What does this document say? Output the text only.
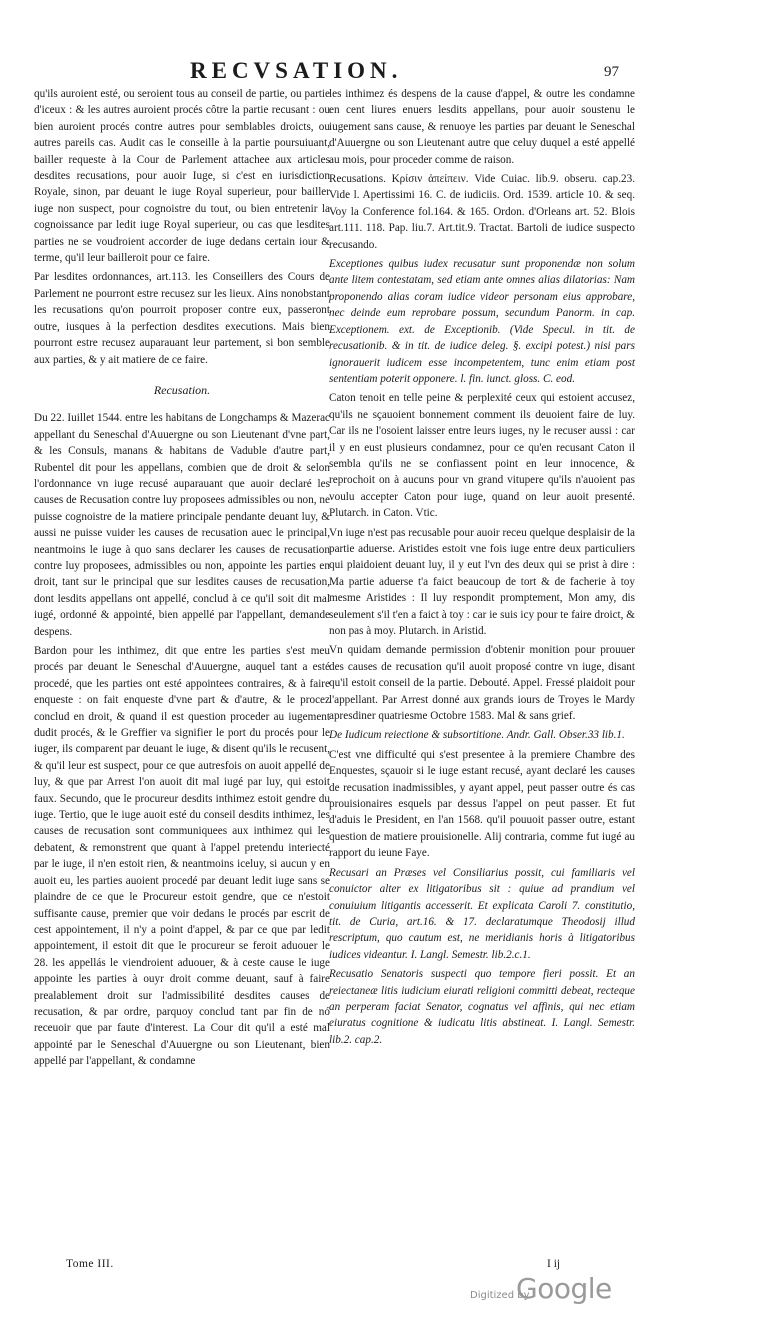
RECVSATION.	97

qu'ils auroient esté, ou seroient tous au conseil de partie, ou partie d'iceux : & les autres auroient procés côtre la partie recusant : ou bien auroient procés contre autres pour semblables droicts, ou autres pareils cas. Audit cas le conseille à la partie poursuiuant, bailler requeste à la Cour de Parlement attachee aux articles desdites recusations, pour auoir Iuge, si c'est en iurisdiction Royale, sinon, par deuant le iuge Royal superieur, pour bailler iuge non suspect, pour cognoistre du tout, ou bien entretenir la cognoissance par ledit iuge Royal superieur, ou cas que lesdites parties ne se voudroient accorder de iuge dedans certain iour & terme, qu'il leur bailleroit pour ce faire.

Par lesdites ordonnances, art.113. les Conseillers des Cours de Parlement ne pourront estre recusez sur les lieux. Ains nonobstant les recusations qu'on pourroit proposer contre eux, passeront outre, iusques à la perfection desdites executions. Mais bien pourront estre recusez auparauant leur partement, si bon semble aux parties, & y ait matiere de ce faire.

Recusation.

Du 22. Iuillet 1544. entre les habitans de Longchamps & Mazerac appellant du Seneschal d'Auuergne ou son Lieutenant d'vne part, & les Consuls, manans & habitans de Vaduble d'autre part, Rubentel dit pour les appellans, combien que de droit & selon l'ordonnance vn iuge recusé auparauant que auoir declaré les causes de Recusation contre luy proposees admissibles ou non, ne puisse cognoistre de la matiere principale pendante deuant luy, & aussi ne puisse vuider les causes de recusation auec le principal, neantmoins le iuge à quo sans declarer les causes de recusation contre luy proposees, admissibles ou non, appointe les parties en droit, tant sur le principal que sur lesdites causes de recusation, dont lesdits appellans ont appellé, conclud à ce qu'il soit dit mal iugé, ordonné & appointé, bien appellé par l'appellant, demande despens.

Bardon pour les inthimez, dit que entre les parties s'est meu procés par deuant le Seneschal d'Auuergne, auquel tant a esté procedé, que les parties ont esté appointees contraires, & à faire enqueste : on fait enqueste d'vne part & d'autre, & le procez conclud en droit, & quand il est question proceder au iugement dudit procés, & le Greffier va signifier le port du procés pour le iuger, ils comparent par deuant le iuge, & disent qu'ils le recusent, & qu'il leur est suspect, pour ce que autresfois on auoit appellé de luy, & que par Arrest l'on auoit dit mal iugé par luy, qui estoit faux. Secundo, que le procureur desdits inthimez estoit gendre du iuge. Tertio, que le iuge auoit esté du conseil desdits inthimez, les causes de recusation sont communiquees aux inthimez qui les debatent, & remonstrent que quant à l'appel pretendu interiecté par le iuge, il n'en estoit rien, & neantmoins iceluy, si aucun y en auoit eu, les parties auoient procedé par deuant ledit iuge sans se plaindre de ce que le Procureur estoit gendre, que ce n'estoit suffisante cause, premier que voir dedans le procés par escrit de cest appointement, il n'y a point d'appel, & par ce que par ledit appointement, il estoit dit que le procureur se feroit aduouer le 28. les appellás le viendroient aduouer, & à ceste cause le iuge appointe les parties à ouyr droit comme deuant, sauf à faire prealablement droit sur l'admissibilité desdites causes de recusation, & par ordre, parquoy conclud tant par fin de nó receuoir que par faute d'interest. La Cour dit qu'il a esté mal appointé par le Seneschal d'Auuergne ou son Lieutenant, bien appellé par l'appellant, & condamne

les inthimez és despens de la cause d'appel, & outre les condamne en cent liures enuers lesdits appellans, pour auoir soustenu le iugement sans cause, & renuoye les parties par deuant le Seneschal d'Auuergne ou son Lieutenant autre que celuy duquel a esté appellé au mois, pour proceder comme de raison.

Recusations. Κρίσιν ἀπείπειν. Vide Cuiac. lib.9. obseru. cap.23. Vide l. Apertissimi 16. C. de iudiciis. Ord. 1539. article 10. & seq. Voy la Conference fol.164. & 165. Ordon. d'Orleans art. 52. Blois art.111. 118. Pap. liu.7. Art.tit.9. Tractat. Bartoli de iudice suspecto recusando.

Exceptiones quibus iudex recusatur sunt proponendæ non solum ante litem contestatam, sed etiam ante omnes alias dilatorias: Nam proponendo alias coram iudice videor personam eius approbare, nec deinde eum reprobare possum, secundum Panorm. in cap. Exceptionem. ext. de Exceptionib. (Vide Specul. in tit. de recusationib. & in tit. de iudice deleg. §. excipi potest.) nisi pars ignorauerit iudicem esse incompetentem, tunc enim etiam post sententiam poterit opponere. l. fin. iunct. gloss. C. eod.

Caton tenoit en telle peine & perplexité ceux qui estoient accusez, qu'ils ne sçauoient bonnement comment ils deuoient faire de luy. Car ils ne l'osoient laisser entre leurs iuges, ny le recuser aussi : car il y en eust plusieurs condamnez, pour ce qu'en recusant Caton il sembla qu'ils ne se confiassent point en leur innocence, & reprochoit on à aucuns pour vn grand vitupere qu'ils n'auoient pas voulu accepter Caton pour iuge, quand on leur auoit presenté. Plutarch. in Caton. Vtic.

Vn iuge n'est pas recusable pour auoir receu quelque desplaisir de la partie aduerse. Aristides estoit vne fois iuge entre deux particuliers qui plaidoient deuant luy, il y eut l'vn des deux qui se prist à dire : Ma partie aduerse t'a faict beaucoup de tort & de facherie à toy mesme Aristides : Il luy respondit promptement, Mon amy, dis seulement s'il t'en a faict à toy : car ie suis icy pour te faire droict, & non pas à moy. Plutarch. in Aristid.

Vn quidam demande permission d'obtenir monition pour prouuer des causes de recusation qu'il auoit proposé contre vn iuge, disant qu'il estoit conseil de la partie. Debouté. Appel. Fressé plaidoit pour l'appellant. Par Arrest donné aux grands iours de Troyes le Mardy apresdiner quatriesme Octobre 1583. Mal & sans grief.

De Iudicum reiectione & subsortitione. Andr. Gall. Obser.33 lib.1.

C'est vne difficulté qui s'est presentee à la premiere Chambre des Enquestes, sçauoir si le iuge estant recusé, ayant declaré les causes de recusation inadmissibles, y ayant appel, peut passer outre és cas prouisionaires esquels par dessus l'appel on peut passer. Et fut d'aduis le President, en l'an 1568. qu'il pouuoit passer outre, estant question de matiere prouisionelle. Alij contraria, comme fut iugé au rapport du ieune Faye.

Recusari an Præses vel Consiliarius possit, cui familiaris vel conuictor alter ex litigatoribus sit : quiue ad prandium vel conuiuium litigantis accesserit. Et explicata Caroli 7. constitutio, tit. de Curia, art.16. & 17. declaratumque Theodosij illud rescriptum, quo cautum est, ne meridianis horis à litigatoribus iudices videantur. I. Langl. Semestr. lib.2.c.1.

Recusatio Senatoris suspecti quo tempore fieri possit. Et an reiectaneæ litis iudicium eiurati religioni committi debeat, recteque an perperam faciat Senator, cognatus vel affinis, qui nec etiam eiuratus cognitione & iudicatu litis abstineat. I. Langl. Semestr. lib.2. cap.2.

Tome III.	I ij
Digitized by
Google
